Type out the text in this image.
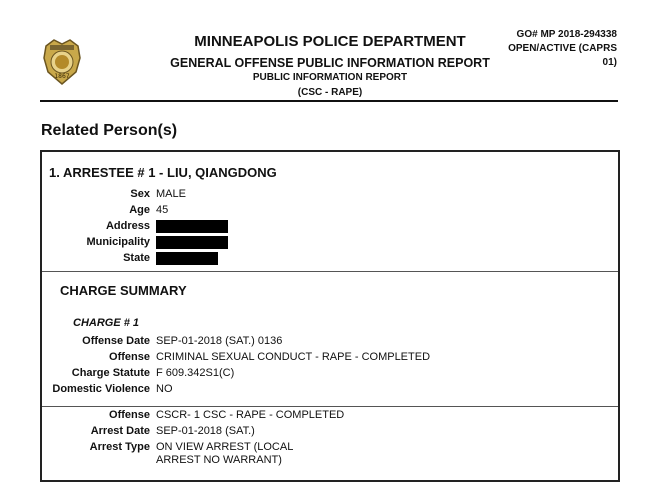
1867
MINNEAPOLIS POLICE DEPARTMENT
GENERAL OFFENSE PUBLIC INFORMATION REPORT
PUBLIC INFORMATION REPORT
(CSC - RAPE)
GO# MP 2018-294338
OPEN/ACTIVE (CAPRS
01)
Related Person(s)
1. ARRESTEE # 1 - LIU, QIANGDONG
Sex MALE
Age 45
Address
Municipality
State
CHARGE SUMMARY
CHARGE # 1
Offense Date SEP-01-2018 (SAT.) 0136
Offense CRIMINAL SEXUAL CONDUCT - RAPE - COMPLETED
Charge Statute F 609.342S1(C)
Domestic Violence NO
Offense CSCR- 1 CSC - RAPE - COMPLETED
Arrest Date SEP-01-2018 (SAT.)
Arrest Type ON VIEW ARREST (LOCAL
ARREST NO WARRANT)
